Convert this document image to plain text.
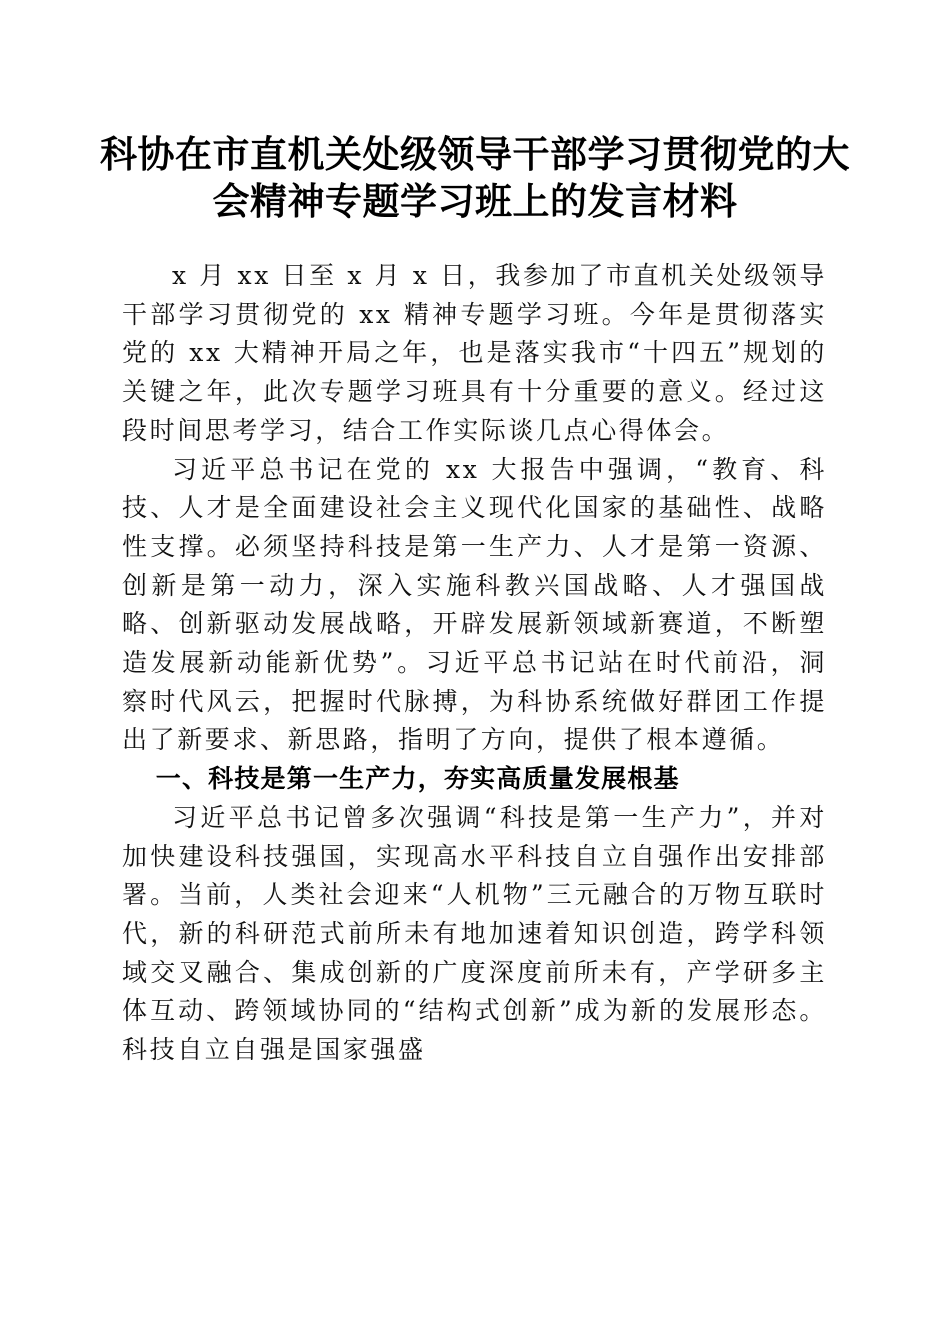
科协在市直机关处级领导干部学习贯彻党的大会精神专题学习班上的发言材料

x 月 xx 日至 x 月 x 日，我参加了市直机关处级领导干部学习贯彻党的 xx 精神专题学习班。今年是贯彻落实党的 xx 大精神开局之年，也是落实我市“十四五”规划的关键之年，此次专题学习班具有十分重要的意义。经过这段时间思考学习，结合工作实际谈几点心得体会。

习近平总书记在党的 xx 大报告中强调，“教育、科技、人才是全面建设社会主义现代化国家的基础性、战略性支撑。必须坚持科技是第一生产力、人才是第一资源、创新是第一动力，深入实施科教兴国战略、人才强国战略、创新驱动发展战略，开辟发展新领域新赛道，不断塑造发展新动能新优势”。习近平总书记站在时代前沿，洞察时代风云，把握时代脉搏，为科协系统做好群团工作提出了新要求、新思路，指明了方向，提供了根本遵循。

一、科技是第一生产力，夯实高质量发展根基

习近平总书记曾多次强调“科技是第一生产力”，并对加快建设科技强国，实现高水平科技自立自强作出安排部署。当前，人类社会迎来“人机物”三元融合的万物互联时代，新的科研范式前所未有地加速着知识创造，跨学科领域交叉融合、集成创新的广度深度前所未有，产学研多主体互动、跨领域协同的“结构式创新”成为新的发展形态。科技自立自强是国家强盛
